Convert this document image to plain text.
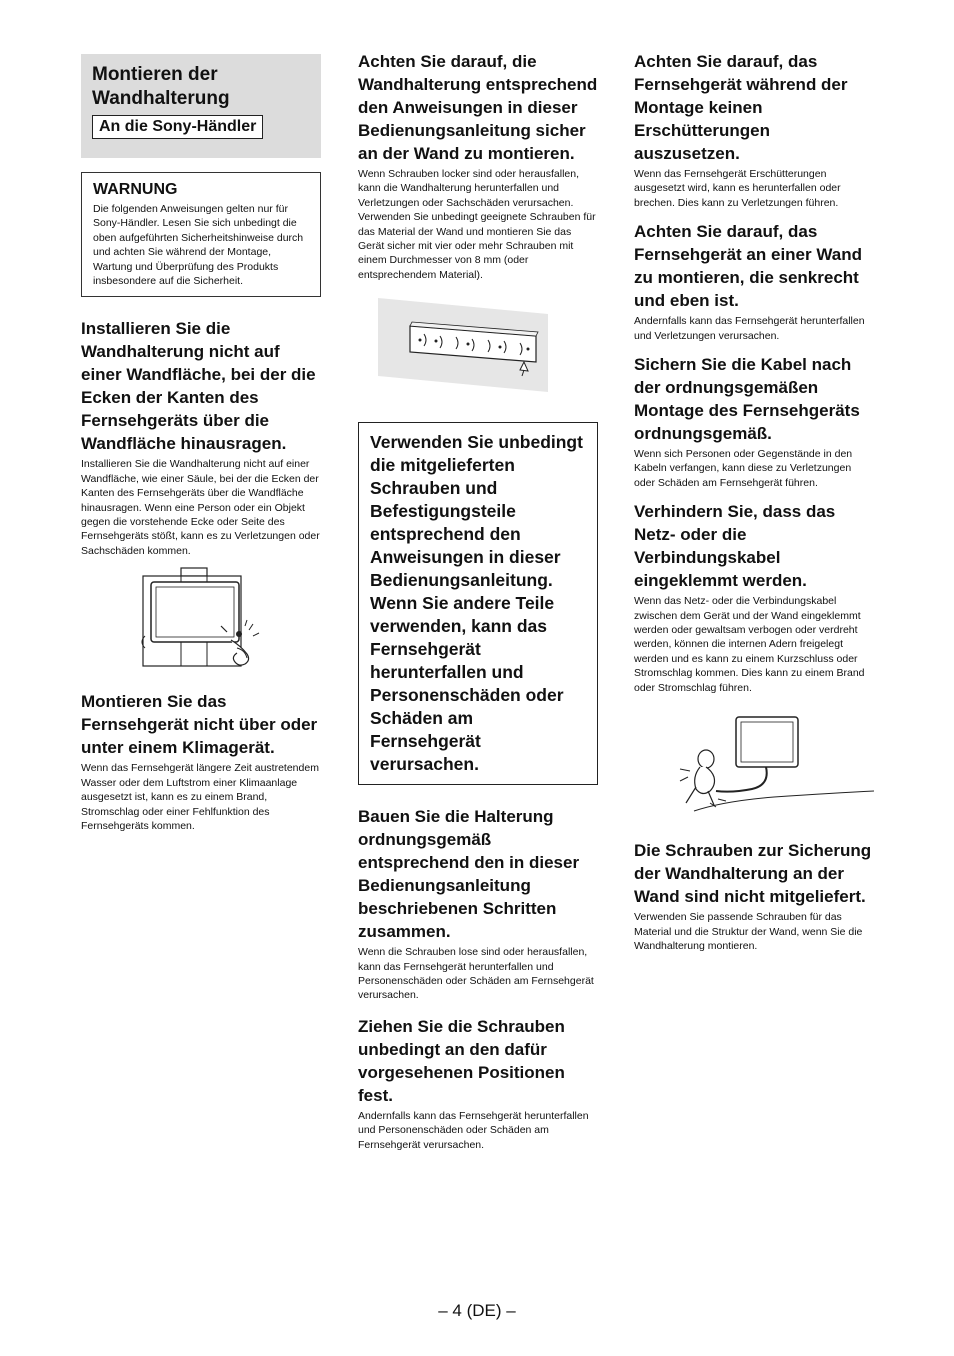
Montieren der Wandhalterung
An die Sony-Händler
WARNUNG

Die folgenden Anweisungen gelten nur für Sony-Händler. Lesen Sie sich unbedingt die oben aufgeführten Sicherheitshinweise durch und achten Sie während der Montage, Wartung und Überprüfung des Produkts insbesondere auf die Sicherheit.

Installieren Sie die Wandhalterung nicht auf einer Wandfläche, bei der die Ecken der Kanten des Fernsehgeräts über die Wandfläche hinausragen.

Installieren Sie die Wandhalterung nicht auf einer Wandfläche, wie einer Säule, bei der die Ecken der Kanten des Fernsehgeräts über die Wandfläche hinausragen. Wenn eine Person oder ein Objekt gegen die vorstehende Ecke oder Seite des Fernsehgeräts stößt, kann es zu Verletzungen oder Sachschäden kommen.

Montieren Sie das Fernsehgerät nicht über oder unter einem Klimagerät.

Wenn das Fernsehgerät längere Zeit austretendem Wasser oder dem Luftstrom einer Klimaanlage ausgesetzt ist, kann es zu einem Brand, Stromschlag oder einer Fehlfunktion des Fernsehgeräts kommen.

Achten Sie darauf, die Wandhalterung entsprechend den Anweisungen in dieser Bedienungsanleitung sicher an der Wand zu montieren.

Wenn Schrauben locker sind oder herausfallen, kann die Wandhalterung herunterfallen und Verletzungen oder Sachschäden verursachen. Verwenden Sie unbedingt geeignete Schrauben für das Material der Wand und montieren Sie das Gerät sicher mit vier oder mehr Schrauben mit einem Durchmesser von 8 mm (oder entsprechendem Material).

Verwenden Sie unbedingt die mitgelieferten Schrauben und Befestigungsteile entsprechend den Anweisungen in dieser Bedienungsanleitung. Wenn Sie andere Teile verwenden, kann das Fernsehgerät herunterfallen und Personenschäden oder Schäden am Fernsehgerät verursachen.

Bauen Sie die Halterung ordnungsgemäß entsprechend den in dieser Bedienungsanleitung beschriebenen Schritten zusammen.

Wenn die Schrauben lose sind oder herausfallen, kann das Fernsehgerät herunterfallen und Personenschäden oder Schäden am Fernsehgerät verursachen.

Ziehen Sie die Schrauben unbedingt an den dafür vorgesehenen Positionen fest.

Andernfalls kann das Fernsehgerät herunterfallen und Personenschäden oder Schäden am Fernsehgerät verursachen.

Achten Sie darauf, das Fernsehgerät während der Montage keinen Erschütterungen auszusetzen.

Wenn das Fernsehgerät Erschütterungen ausgesetzt wird, kann es herunterfallen oder brechen. Dies kann zu Verletzungen führen.

Achten Sie darauf, das Fernsehgerät an einer Wand zu montieren, die senkrecht und eben ist.

Andernfalls kann das Fernsehgerät herunterfallen und Verletzungen verursachen.

Sichern Sie die Kabel nach der ordnungsgemäßen Montage des Fernsehgeräts ordnungsgemäß.

Wenn sich Personen oder Gegenstände in den Kabeln verfangen, kann diese zu Verletzungen oder Schäden am Fernsehgerät führen.

Verhindern Sie, dass das Netz- oder die Verbindungskabel eingeklemmt werden.

Wenn das Netz- oder die Verbindungskabel zwischen dem Gerät und der Wand eingeklemmt werden oder gewaltsam verbogen oder verdreht werden, können die internen Adern freigelegt werden und es kann zu einem Kurzschluss oder Stromschlag kommen. Dies kann zu einem Brand oder Stromschlag führen.

Die Schrauben zur Sicherung der Wandhalterung an der Wand sind nicht mitgeliefert.

Verwenden Sie passende Schrauben für das Material und die Struktur der Wand, wenn Sie die Wandhalterung montieren.

– 4 (DE) –
